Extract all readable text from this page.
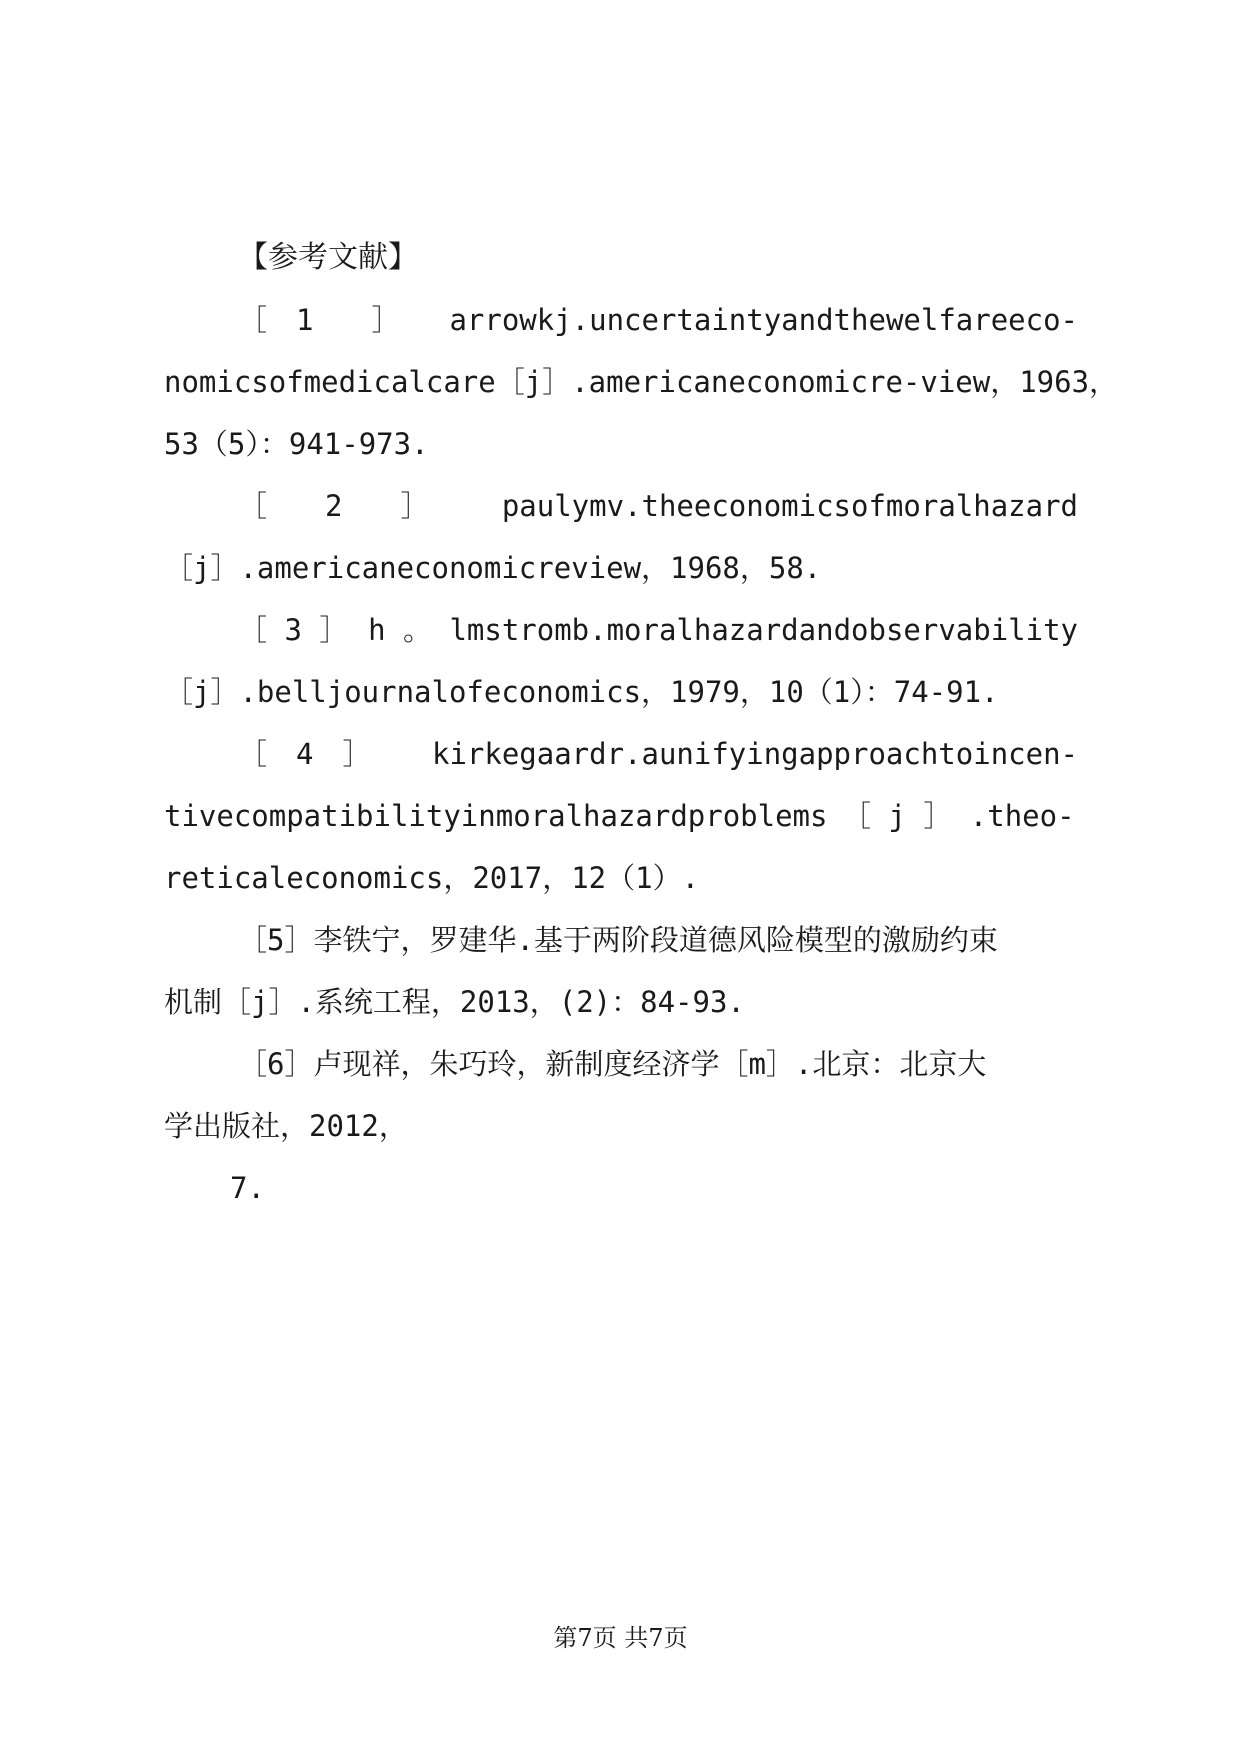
【参考文献】
［　1　　］ arrowkj.uncertaintyandthewelfareeco-
nomicsofmedicalcare［j］.americaneconomicre-view，1963，
53（5）：941-973.
［　　2　　］ paulymv.theeconomicsofmoralhazard
［j］.americaneconomicreview，1968，58.
［ 3 ］ h 。 lmstromb.moralhazardandobservability
［j］.belljournalofeconomics，1979，10（1）：74-91.
［　4　］ kirkegaardr.aunifyingapproachtoincen-
tivecompatibilityinmoralhazardproblems　［ j ］ .theo-
reticaleconomics，2017，12（1）.
［5］李铁宁，罗建华.基于两阶段道德风险模型的激励约束
机制［j］.系统工程，2013，(2)：84-93.
［6］卢现祥，朱巧玲，新制度经济学［m］.北京：北京大
学出版社，2012，
7.
第7页 共7页
